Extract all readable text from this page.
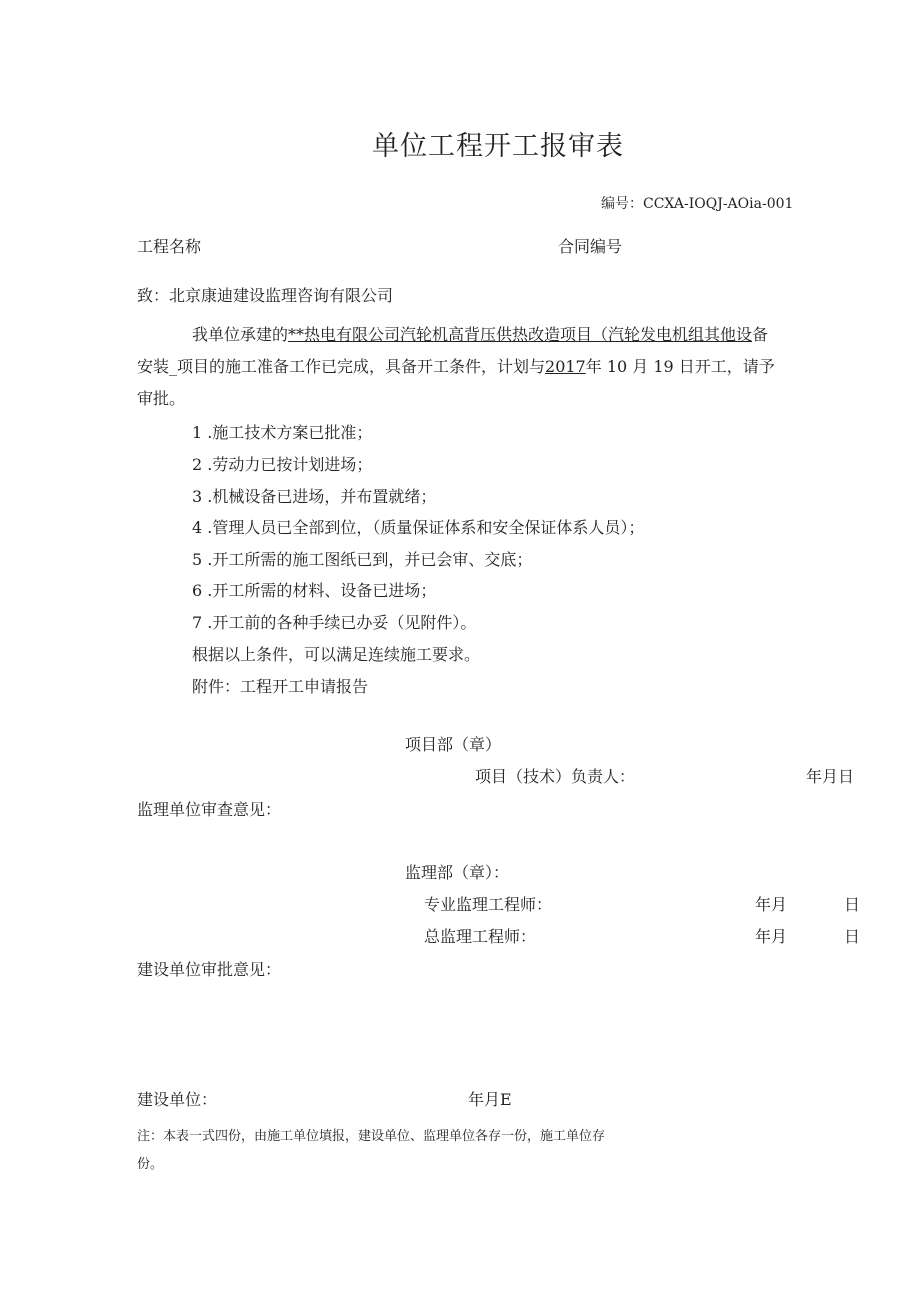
单位工程开工报审表
编号：CCXA-IOQJ-AOia-001
工程名称	合同编号
致：北京康迪建设监理咨询有限公司
我单位承建的**热电有限公司汽轮机高背压供热改造项目（汽轮发电机组其他设备
安装_项目的施工准备工作已完成，具备开工条件，计划与2017年 10 月 19 日开工，请予
审批。
1 .施工技术方案已批准；
2 .劳动力已按计划进场；
3 .机械设备已进场，并布置就绪；
4 .管理人员已全部到位，（质量保证体系和安全保证体系人员）；
5 .开工所需的施工图纸已到，并已会审、交底；
6 .开工所需的材料、设备已进场；
7 .开工前的各种手续已办妥（见附件）。
根据以上条件，可以满足连续施工要求。
附件：工程开工申请报告
项目部（章）
项目（技术）负责人：	年月日
监理单位审查意见：
监理部（章）：
专业监理工程师：	年月	日
总监理工程师：	年月	日
建设单位审批意见：
建设单位：	年月E
注：本表一式四份，由施工单位填报，建设单位、监理单位各存一份，施工单位存
份。
